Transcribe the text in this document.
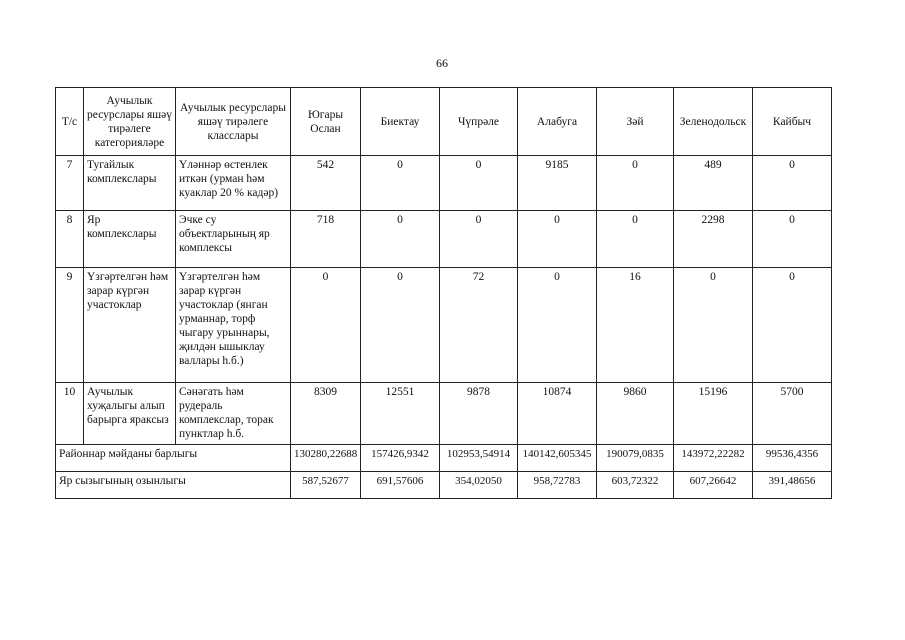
66
Т/с	Аучылык ресурслары яшәү тирәлеге категорияләре	Аучылык ресурслары яшәү тирәлеге класслары	Югары Ослан	Биектау	Чүпрәле	Алабуга	Зәй	Зеленодольск	Кайбыч
7	Тугайлык комплекслары	Үләннәр өстенлек иткән (урман һәм куаклар 20 % кадәр)	542	0	0	9185	0	489	0
8	Яр комплекслары	Эчке су объектларының яр комплексы	718	0	0	0	0	2298	0
9	Үзгәртелгән һәм зарар күргән участоклар	Үзгәртелгән һәм зарар күргән участоклар (янган урманнар, торф чыгару урыннары, җилдән ышыклау валлары h.б.)	0	0	72	0	16	0	0
10	Аучылык хуҗалыгы алып барырга яраксыз	Сәнәгать һәм рудераль комплекслар, торак пунктлар h.б.	8309	12551	9878	10874	9860	15196	5700
Районнар мәйданы барлыгы			130280,22688	157426,9342	102953,54914	140142,605345	190079,0835	143972,22282	99536,4356
Яр сызыгының озынлыгы			587,52677	691,57606	354,02050	958,72783	603,72322	607,26642	391,48656
